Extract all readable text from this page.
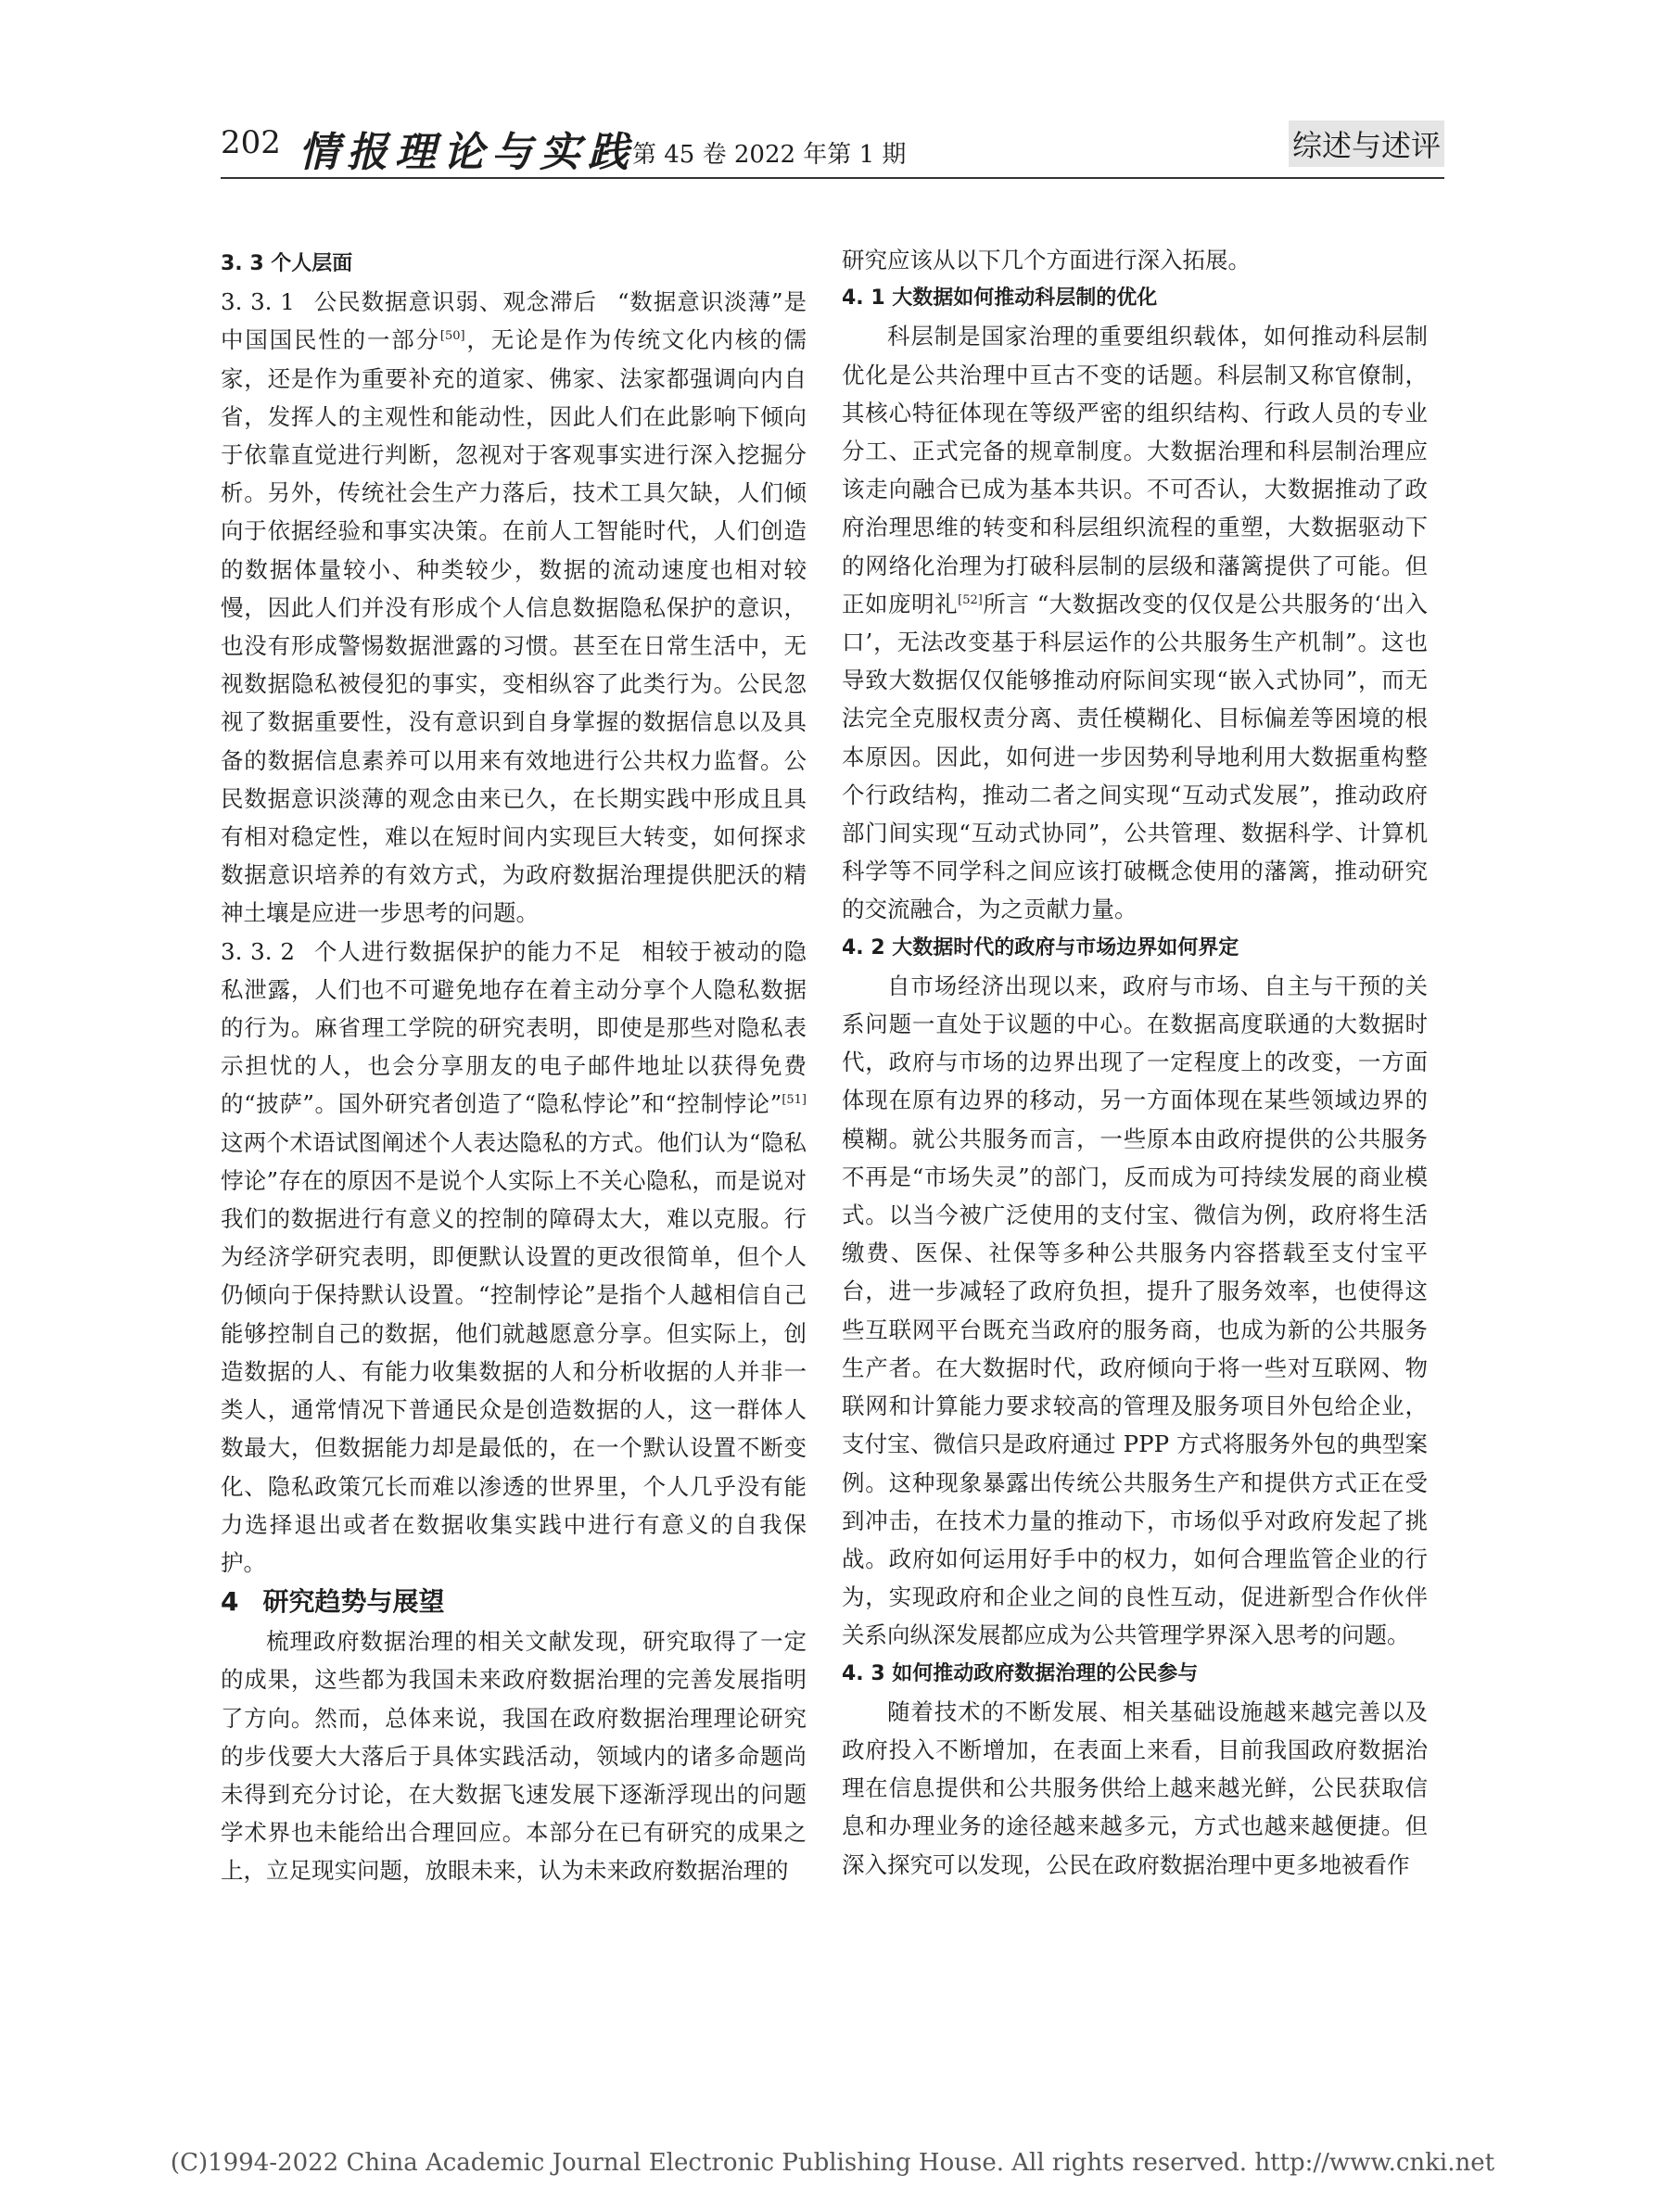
202 情报理论与实践
第 45 卷 2022 年第 1 期	综述与述评

3. 3 个人层面

3. 3. 1 公民数据意识弱、观念滞后 “数据意识淡薄”是中国国民性的一部分[50]，无论是作为传统文化内核的儒家，还是作为重要补充的道家、佛家、法家都强调向内自省，发挥人的主观性和能动性，因此人们在此影响下倾向于依靠直觉进行判断，忽视对于客观事实进行深入挖掘分析。另外，传统社会生产力落后，技术工具欠缺，人们倾向于依据经验和事实决策。在前人工智能时代，人们创造的数据体量较小、种类较少，数据的流动速度也相对较慢，因此人们并没有形成个人信息数据隐私保护的意识，也没有形成警惕数据泄露的习惯。甚至在日常生活中，无视数据隐私被侵犯的事实，变相纵容了此类行为。公民忽视了数据重要性，没有意识到自身掌握的数据信息以及具备的数据信息素养可以用来有效地进行公共权力监督。公民数据意识淡薄的观念由来已久，在长期实践中形成且具有相对稳定性，难以在短时间内实现巨大转变，如何探求数据意识培养的有效方式，为政府数据治理提供肥沃的精神土壤是应进一步思考的问题。

3. 3. 2 个人进行数据保护的能力不足 相较于被动的隐私泄露，人们也不可避免地存在着主动分享个人隐私数据的行为。麻省理工学院的研究表明，即使是那些对隐私表示担忧的人，也会分享朋友的电子邮件地址以获得免费的“披萨”。国外研究者创造了“隐私悖论”和“控制悖论”[51]这两个术语试图阐述个人表达隐私的方式。他们认为“隐私悖论”存在的原因不是说个人实际上不关心隐私，而是说对我们的数据进行有意义的控制的障碍太大，难以克服。行为经济学研究表明，即便默认设置的更改很简单，但个人仍倾向于保持默认设置。“控制悖论”是指个人越相信自己能够控制自己的数据，他们就越愿意分享。但实际上，创造数据的人、有能力收集数据的人和分析收据的人并非一类人，通常情况下普通民众是创造数据的人，这一群体人数最大，但数据能力却是最低的，在一个默认设置不断变化、隐私政策冗长而难以渗透的世界里，个人几乎没有能力选择退出或者在数据收集实践中进行有意义的自我保护。

4 研究趋势与展望

梳理政府数据治理的相关文献发现，研究取得了一定的成果，这些都为我国未来政府数据治理的完善发展指明了方向。然而，总体来说，我国在政府数据治理理论研究的步伐要大大落后于具体实践活动，领域内的诸多命题尚未得到充分讨论，在大数据飞速发展下逐渐浮现出的问题学术界也未能给出合理回应。本部分在已有研究的成果之上，立足现实问题，放眼未来，认为未来政府数据治理的

研究应该从以下几个方面进行深入拓展。

4. 1 大数据如何推动科层制的优化

科层制是国家治理的重要组织载体，如何推动科层制优化是公共治理中亘古不变的话题。科层制又称官僚制，其核心特征体现在等级严密的组织结构、行政人员的专业分工、正式完备的规章制度。大数据治理和科层制治理应该走向融合已成为基本共识。不可否认，大数据推动了政府治理思维的转变和科层组织流程的重塑，大数据驱动下的网络化治理为打破科层制的层级和藩篱提供了可能。但正如庞明礼[52]所言 “大数据改变的仅仅是公共服务的‘出入口’，无法改变基于科层运作的公共服务生产机制”。这也导致大数据仅仅能够推动府际间实现“嵌入式协同”，而无法完全克服权责分离、责任模糊化、目标偏差等困境的根本原因。因此，如何进一步因势利导地利用大数据重构整个行政结构，推动二者之间实现“互动式发展”，推动政府部门间实现“互动式协同”，公共管理、数据科学、计算机科学等不同学科之间应该打破概念使用的藩篱，推动研究的交流融合，为之贡献力量。

4. 2 大数据时代的政府与市场边界如何界定

自市场经济出现以来，政府与市场、自主与干预的关系问题一直处于议题的中心。在数据高度联通的大数据时代，政府与市场的边界出现了一定程度上的改变，一方面体现在原有边界的移动，另一方面体现在某些领域边界的模糊。就公共服务而言，一些原本由政府提供的公共服务不再是“市场失灵”的部门，反而成为可持续发展的商业模式。以当今被广泛使用的支付宝、微信为例，政府将生活缴费、医保、社保等多种公共服务内容搭载至支付宝平台，进一步减轻了政府负担，提升了服务效率，也使得这些互联网平台既充当政府的服务商，也成为新的公共服务生产者。在大数据时代，政府倾向于将一些对互联网、物联网和计算能力要求较高的管理及服务项目外包给企业，支付宝、微信只是政府通过 PPP 方式将服务外包的典型案例。这种现象暴露出传统公共服务生产和提供方式正在受到冲击，在技术力量的推动下，市场似乎对政府发起了挑战。政府如何运用好手中的权力，如何合理监管企业的行为，实现政府和企业之间的良性互动，促进新型合作伙伴关系向纵深发展都应成为公共管理学界深入思考的问题。

4. 3 如何推动政府数据治理的公民参与

随着技术的不断发展、相关基础设施越来越完善以及政府投入不断增加，在表面上来看，目前我国政府数据治理在信息提供和公共服务供给上越来越光鲜，公民获取信息和办理业务的途径越来越多元，方式也越来越便捷。但深入探究可以发现，公民在政府数据治理中更多地被看作

(C)1994-2022 China Academic Journal Electronic Publishing House. All rights reserved. http://www.cnki.net
